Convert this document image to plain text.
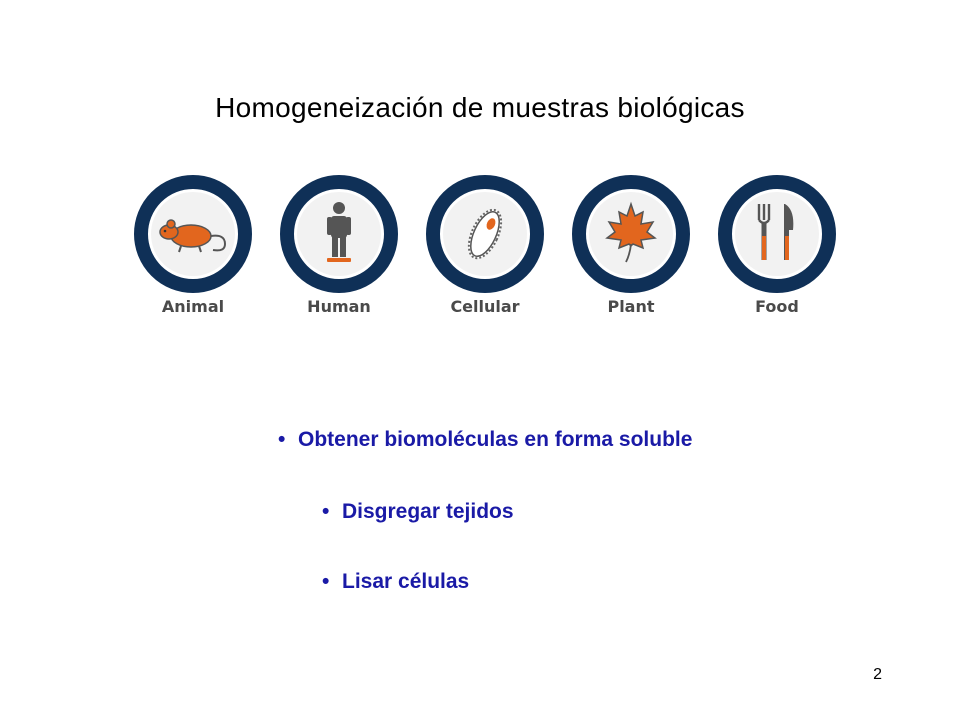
Homogeneización de muestras biológicas
Animal	Human	Cellular	Plant	Food
• Obtener biomoléculas en forma soluble
• Disgregar tejidos
• Lisar células
2
